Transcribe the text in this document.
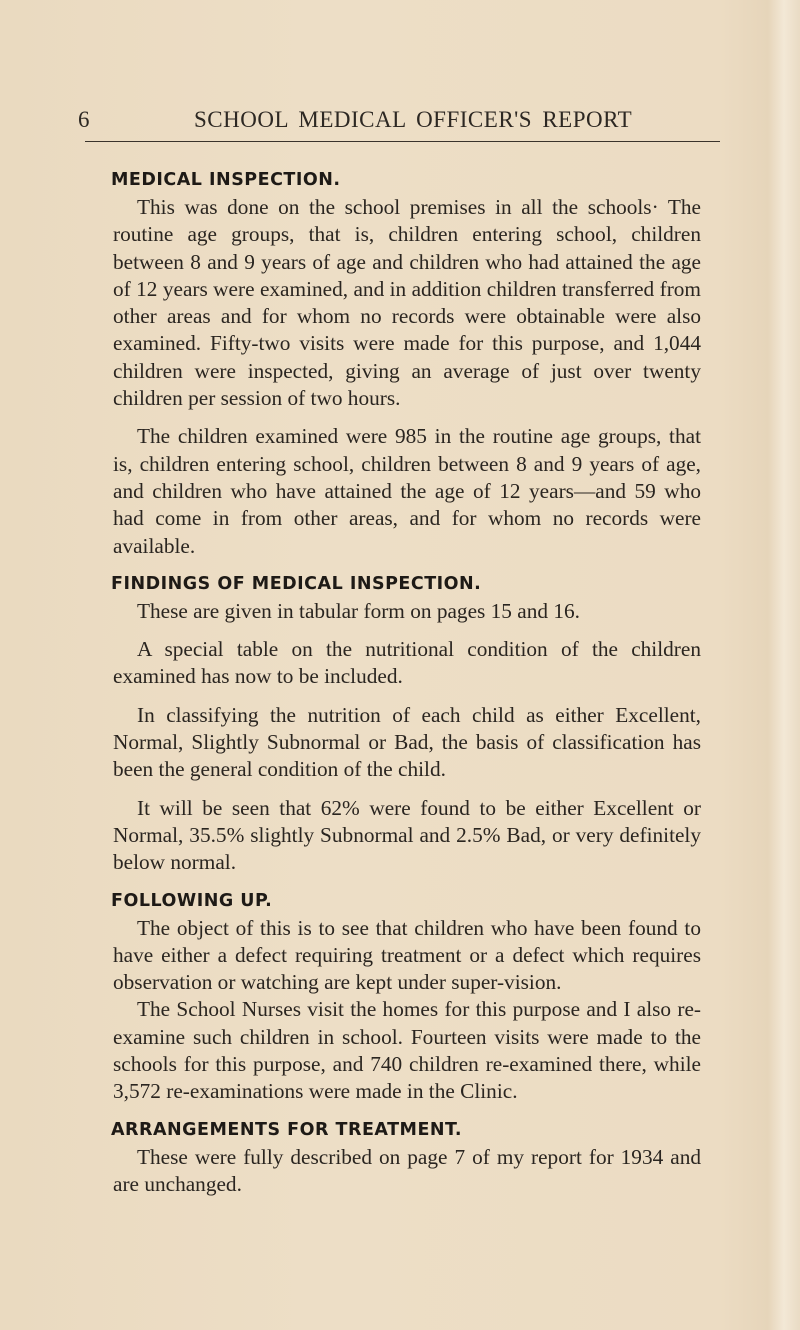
6	SCHOOL MEDICAL OFFICER'S REPORT
MEDICAL INSPECTION.

This was done on the school premises in all the schools· The routine age groups, that is, children entering school, children between 8 and 9 years of age and children who had attained the age of 12 years were examined, and in addition children transferred from other areas and for whom no records were obtainable were also examined. Fifty-two visits were made for this purpose, and 1,044 children were inspected, giving an average of just over twenty children per session of two hours.

The children examined were 985 in the routine age groups, that is, children entering school, children between 8 and 9 years of age, and children who have attained the age of 12 years—and 59 who had come in from other areas, and for whom no records were available.

FINDINGS OF MEDICAL INSPECTION.

These are given in tabular form on pages 15 and 16.

A special table on the nutritional condition of the children examined has now to be included.

In classifying the nutrition of each child as either Excellent, Normal, Slightly Subnormal or Bad, the basis of classification has been the general condition of the child.

It will be seen that 62% were found to be either Excellent or Normal, 35.5% slightly Subnormal and 2.5% Bad, or very definitely below normal.

FOLLOWING UP.

The object of this is to see that children who have been found to have either a defect requiring treatment or a defect which requires observation or watching are kept under super-vision.

The School Nurses visit the homes for this purpose and I also re-examine such children in school. Fourteen visits were made to the schools for this purpose, and 740 children re-examined there, while 3,572 re-examinations were made in the Clinic.

ARRANGEMENTS FOR TREATMENT.

These were fully described on page 7 of my report for 1934 and are unchanged.
